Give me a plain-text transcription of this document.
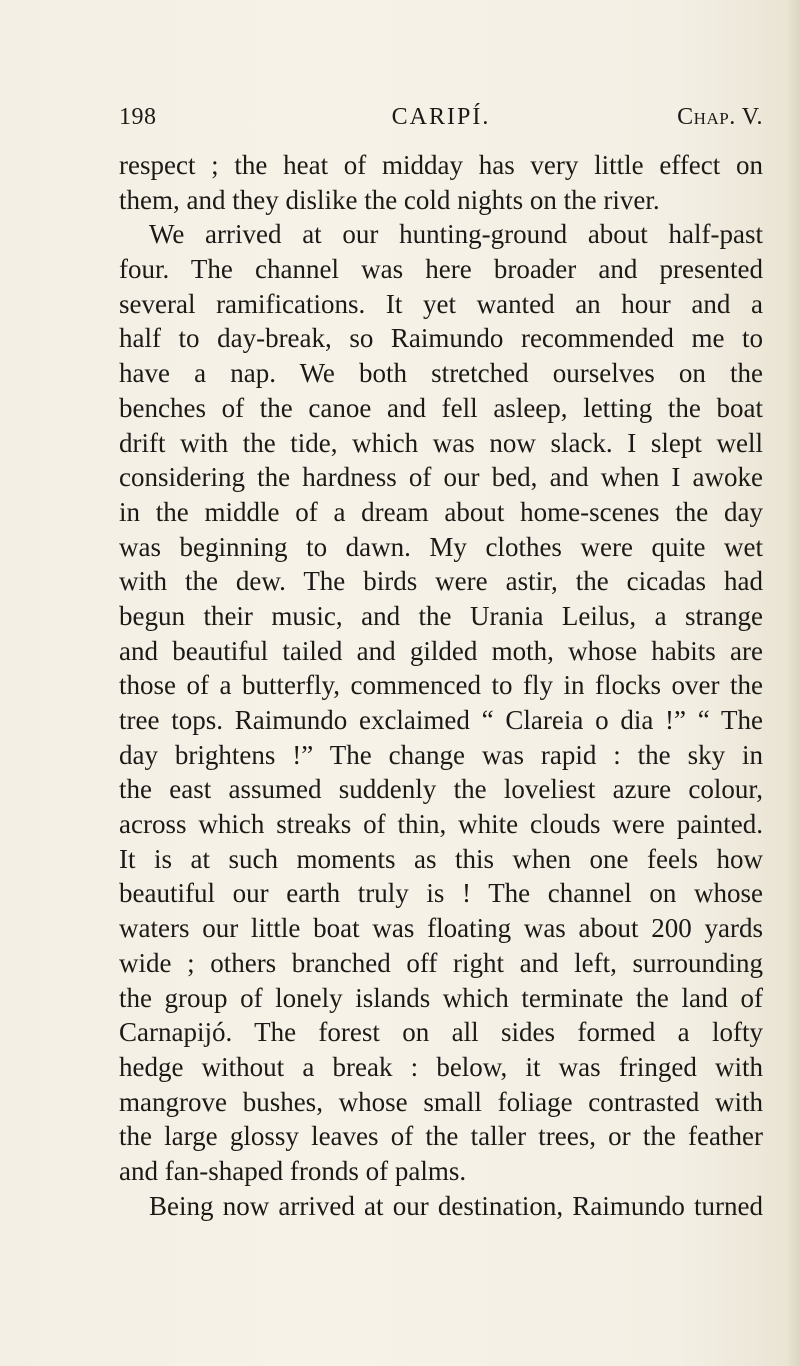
198	CARIPÍ.	Chap. V.
respect ; the heat of midday has very little effect on
them, and they dislike the cold nights on the river.
We arrived at our hunting-ground about half-past
four. The channel was here broader and presented
several ramifications. It yet wanted an hour and a
half to day-break, so Raimundo recommended me to
have a nap. We both stretched ourselves on the
benches of the canoe and fell asleep, letting the boat
drift with the tide, which was now slack. I slept well
considering the hardness of our bed, and when I awoke
in the middle of a dream about home-scenes the day
was beginning to dawn. My clothes were quite wet
with the dew. The birds were astir, the cicadas had
begun their music, and the Urania Leilus, a strange
and beautiful tailed and gilded moth, whose habits are
those of a butterfly, commenced to fly in flocks over the
tree tops. Raimundo exclaimed “ Clareia o dia !” “ The
day brightens !” The change was rapid : the sky in
the east assumed suddenly the loveliest azure colour,
across which streaks of thin, white clouds were painted.
It is at such moments as this when one feels how
beautiful our earth truly is ! The channel on whose
waters our little boat was floating was about 200 yards
wide ; others branched off right and left, surrounding
the group of lonely islands which terminate the land of
Carnapijó. The forest on all sides formed a lofty
hedge without a break : below, it was fringed with
mangrove bushes, whose small foliage contrasted with
the large glossy leaves of the taller trees, or the feather
and fan-shaped fronds of palms.
Being now arrived at our destination, Raimundo turned
